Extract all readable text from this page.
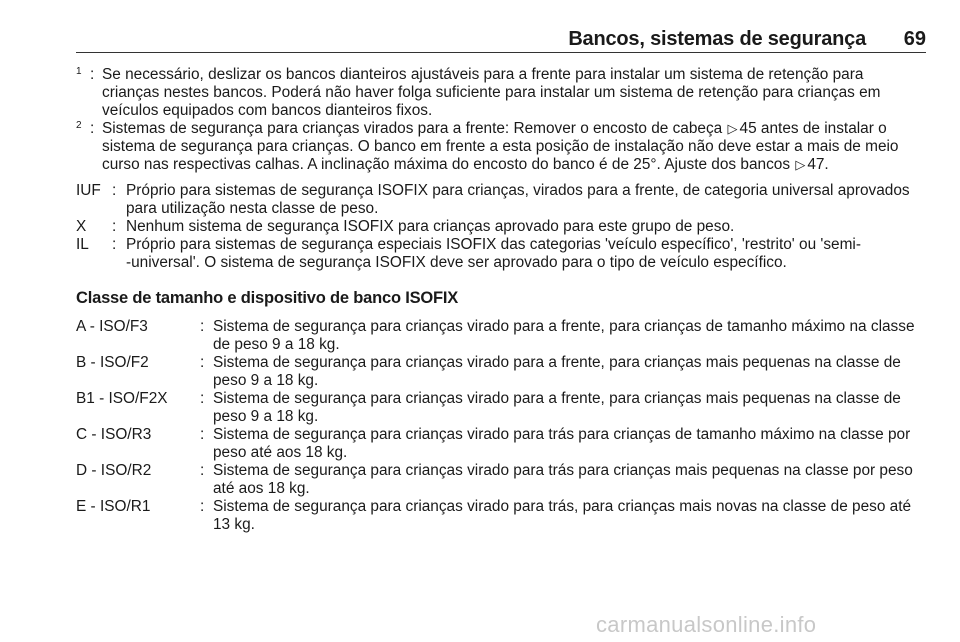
Bancos, sistemas de segurança 69
1 : Se necessário, deslizar os bancos dianteiros ajustáveis para a frente para instalar um sistema de retenção para
crianças nestes bancos. Poderá não haver folga suficiente para instalar um sistema de retenção para crianças em
veículos equipados com bancos dianteiros fixos.
2 : Sistemas de segurança para crianças virados para a frente: Remover o encosto de cabeça ▷ 45 antes de instalar o
sistema de segurança para crianças. O banco em frente a esta posição de instalação não deve estar a mais de meio
curso nas respectivas calhas. A inclinação máxima do encosto do banco é de 25°. Ajuste dos bancos ▷ 47.
IUF : Próprio para sistemas de segurança ISOFIX para crianças, virados para a frente, de categoria universal aprovados
para utilização nesta classe de peso.
X : Nenhum sistema de segurança ISOFIX para crianças aprovado para este grupo de peso.
IL : Próprio para sistemas de segurança especiais ISOFIX das categorias 'veículo específico', 'restrito' ou 'semi-
-universal'. O sistema de segurança ISOFIX deve ser aprovado para o tipo de veículo específico.
Classe de tamanho e dispositivo de banco ISOFIX
A - ISO/F3	: Sistema de segurança para crianças virado para a frente, para crianças de tamanho máximo na classe
de peso 9 a 18 kg.
B - ISO/F2	: Sistema de segurança para crianças virado para a frente, para crianças mais pequenas na classe de
peso 9 a 18 kg.
B1 - ISO/F2X : Sistema de segurança para crianças virado para a frente, para crianças mais pequenas na classe de
peso 9 a 18 kg.
C - ISO/R3	: Sistema de segurança para crianças virado para trás para crianças de tamanho máximo na classe por
peso até aos 18 kg.
D - ISO/R2	: Sistema de segurança para crianças virado para trás para crianças mais pequenas na classe por peso
até aos 18 kg.
E - ISO/R1	: Sistema de segurança para crianças virado para trás, para crianças mais novas na classe de peso até
13 kg.
carmanualsonline.info
